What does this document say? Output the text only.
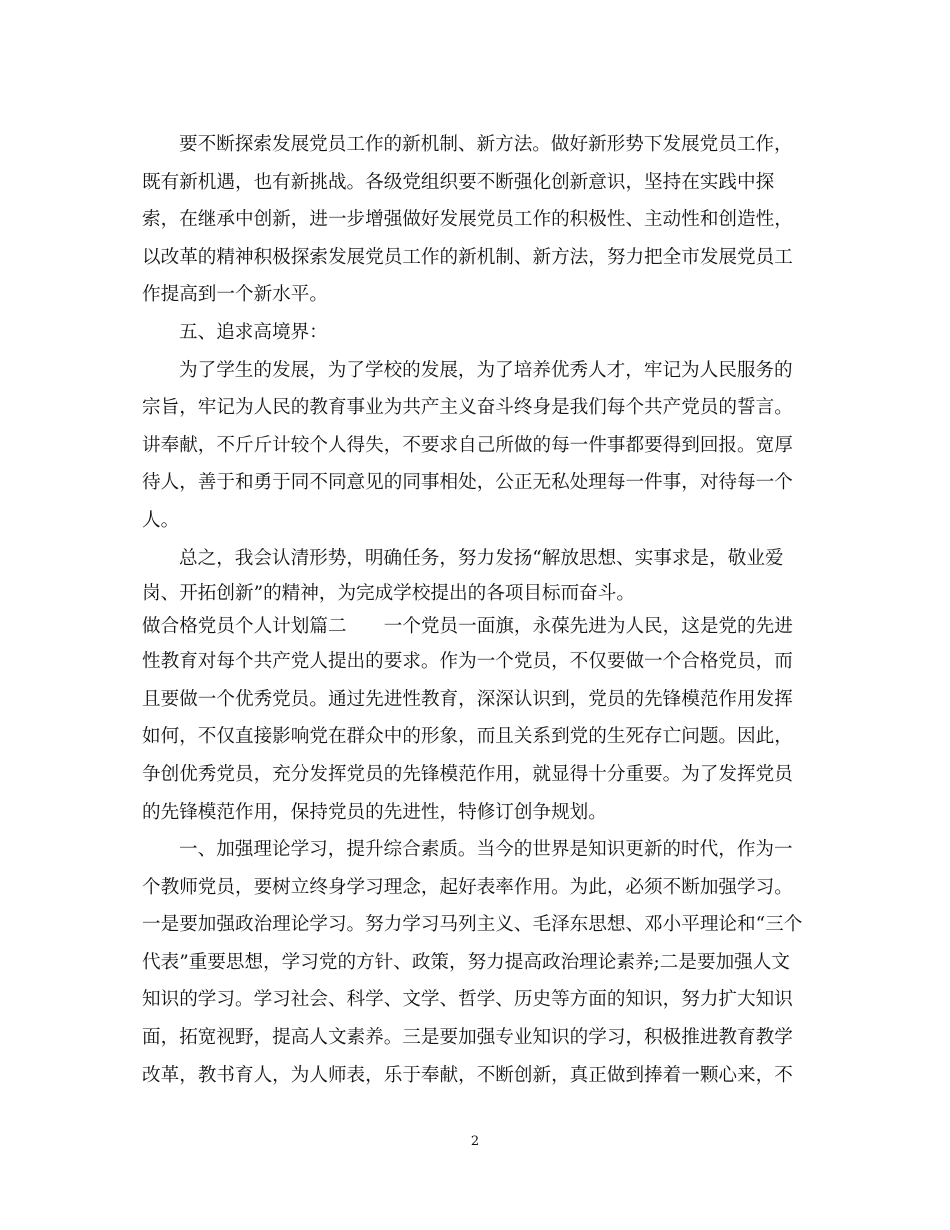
要不断探索发展党员工作的新机制、新方法。做好新形势下发展党员工作，
既有新机遇，也有新挑战。各级党组织要不断强化创新意识，坚持在实践中探
索，在继承中创新，进一步增强做好发展党员工作的积极性、主动性和创造性，
以改革的精神积极探索发展党员工作的新机制、新方法，努力把全市发展党员工
作提高到一个新水平。
五、追求高境界：
为了学生的发展，为了学校的发展，为了培养优秀人才，牢记为人民服务的
宗旨，牢记为人民的教育事业为共产主义奋斗终身是我们每个共产党员的誓言。
讲奉献，不斤斤计较个人得失，不要求自己所做的每一件事都要得到回报。宽厚
待人，善于和勇于同不同意见的同事相处，公正无私处理每一件事，对待每一个
人。
总之，我会认清形势，明确任务，努力发扬“解放思想、实事求是，敬业爱
岗、开拓创新”的精神，为完成学校提出的各项目标而奋斗。
做合格党员个人计划篇二　　一个党员一面旗，永葆先进为人民，这是党的先进
性教育对每个共产党人提出的要求。作为一个党员，不仅要做一个合格党员，而
且要做一个优秀党员。通过先进性教育，深深认识到，党员的先锋模范作用发挥
如何，不仅直接影响党在群众中的形象，而且关系到党的生死存亡问题。因此，
争创优秀党员，充分发挥党员的先锋模范作用，就显得十分重要。为了发挥党员
的先锋模范作用，保持党员的先进性，特修订创争规划。
一、加强理论学习，提升综合素质。当今的世界是知识更新的时代，作为一
个教师党员，要树立终身学习理念，起好表率作用。为此，必须不断加强学习。
一是要加强政治理论学习。努力学习马列主义、毛泽东思想、邓小平理论和“三个
代表”重要思想，学习党的方针、政策，努力提高政治理论素养;二是要加强人文
知识的学习。学习社会、科学、文学、哲学、历史等方面的知识，努力扩大知识
面，拓宽视野，提高人文素养。三是要加强专业知识的学习，积极推进教育教学
改革，教书育人，为人师表，乐于奉献，不断创新，真正做到捧着一颗心来，不
2
